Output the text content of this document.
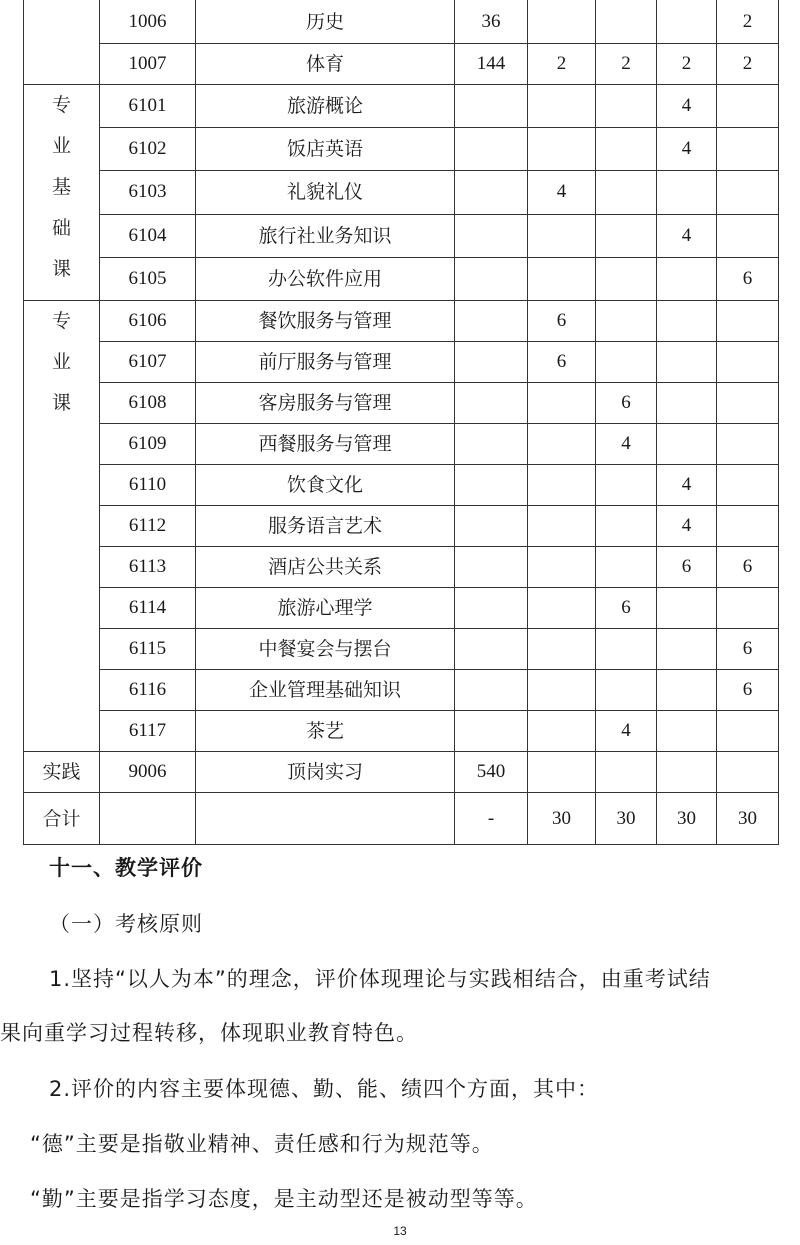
	1006	历史	36				2
	1007	体育	144	2	2	2	2

专
业
基
础
课	6101	旅游概论				4	
	6102	饭店英语				4	
	6103	礼貌礼仪		4			
	6104	旅行社业务知识				4	
	6105	办公软件应用					6

专
业
课	6106	餐饮服务与管理		6			
	6107	前厅服务与管理		6			
	6108	客房服务与管理			6		
	6109	西餐服务与管理			4		
	6110	饮食文化				4	
	6112	服务语言艺术				4	
	6113	酒店公共关系				6	6
	6114	旅游心理学			6		
	6115	中餐宴会与摆台					6
	6116	企业管理基础知识					6
	6117	茶艺			4		
实践	9006	顶岗实习	540				
合计			-	30	30	30	30
十一、教学评价
（一）考核原则
1.坚持“以人为本”的理念，评价体现理论与实践相结合，由重考试结
果向重学习过程转移，体现职业教育特色。
2.评价的内容主要体现德、勤、能、绩四个方面，其中：
“德”主要是指敬业精神、责任感和行为规范等。
“勤”主要是指学习态度，是主动型还是被动型等等。
13
